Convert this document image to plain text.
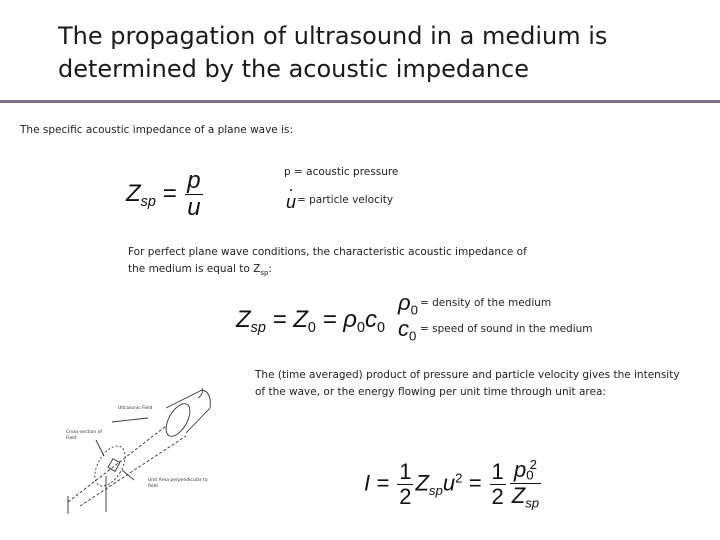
The propagation of ultrasound in a medium is determined by the acoustic impedance
The specific acoustic impedance of a plane wave is:
$Z_{sp} = \frac{p}{u}$	p = acoustic pressure
u = particle velocity
For perfect plane wave conditions, the characteristic acoustic impedance of
the medium is equal to $Z_{sp}$:
$Z_{sp} = Z_0 = \rho_0c_0$
$\rho_0$ = density of the medium
$c_0$ = speed of sound in the medium
The (time averaged) product of pressure and particle velocity gives the intensity
of the wave, or the energy flowing per unit time through unit area:
Ultrasonic Field
Cross-section of Field
Unit Area perpendicular to field	$I = \frac{1}{2} Z_{sp}u^2 = \frac{1}{2} \frac{p_0^2}{Z_{sp}}$
